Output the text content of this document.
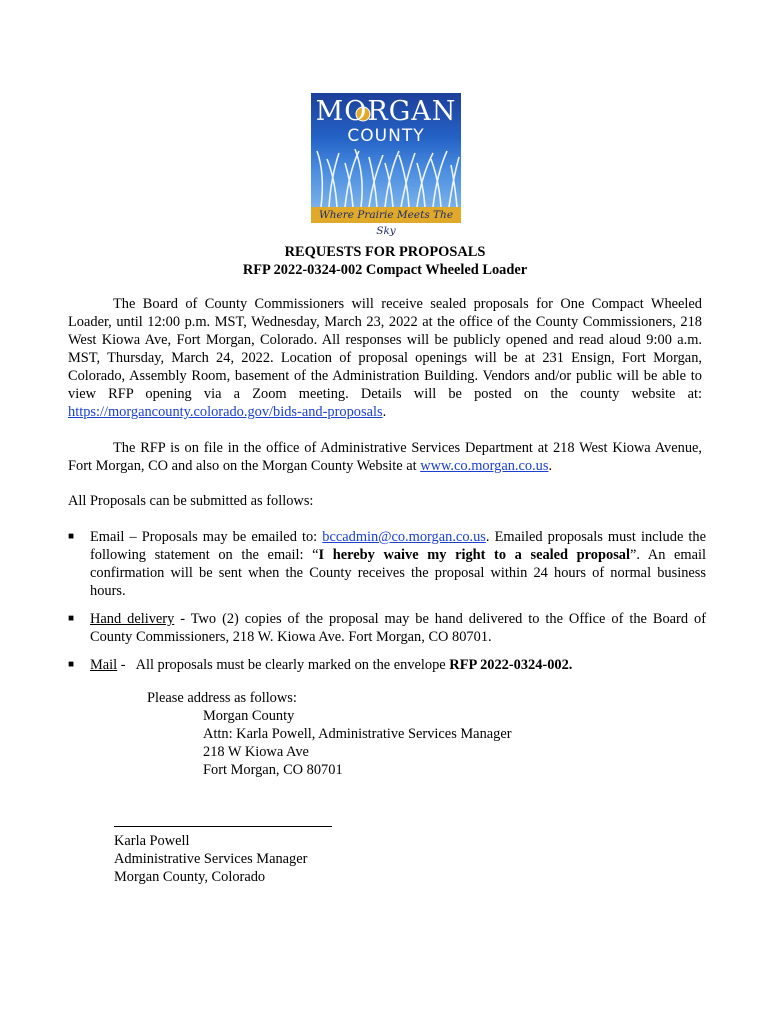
MORGAN
COUNTY
Where Prairie Meets The Sky
REQUESTS FOR PROPOSALS
RFP 2022-0324-002 Compact Wheeled Loader
The Board of County Commissioners will receive sealed proposals for One Compact Wheeled Loader, until 12:00 p.m. MST, Wednesday, March 23, 2022 at the office of the County Commissioners, 218 West Kiowa Ave, Fort Morgan, Colorado. All responses will be publicly opened and read aloud 9:00 a.m. MST, Thursday, March 24, 2022. Location of proposal openings will be at 231 Ensign, Fort Morgan, Colorado, Assembly Room, basement of the Administration Building. Vendors and/or public will be able to view RFP opening via a Zoom meeting. Details will be posted on the county website at: https://morgancounty.colorado.gov/bids-and-proposals.
The RFP is on file in the office of Administrative Services Department at 218 West Kiowa Avenue, Fort Morgan, CO and also on the Morgan County Website at www.co.morgan.co.us.
All Proposals can be submitted as follows:
■	Email – Proposals may be emailed to: bccadmin@co.morgan.co.us. Emailed proposals must include the following statement on the email: “I hereby waive my right to a sealed proposal”. An email confirmation will be sent when the County receives the proposal within 24 hours of normal business hours.
■	Hand delivery - Two (2) copies of the proposal may be hand delivered to the Office of the Board of County Commissioners, 218 W. Kiowa Ave. Fort Morgan, CO 80701.
■	Mail -   All proposals must be clearly marked on the envelope RFP 2022-0324-002.
Please address as follows:
Morgan County
Attn: Karla Powell, Administrative Services Manager
218 W Kiowa Ave
Fort Morgan, CO 80701
Karla Powell
Administrative Services Manager
Morgan County, Colorado
